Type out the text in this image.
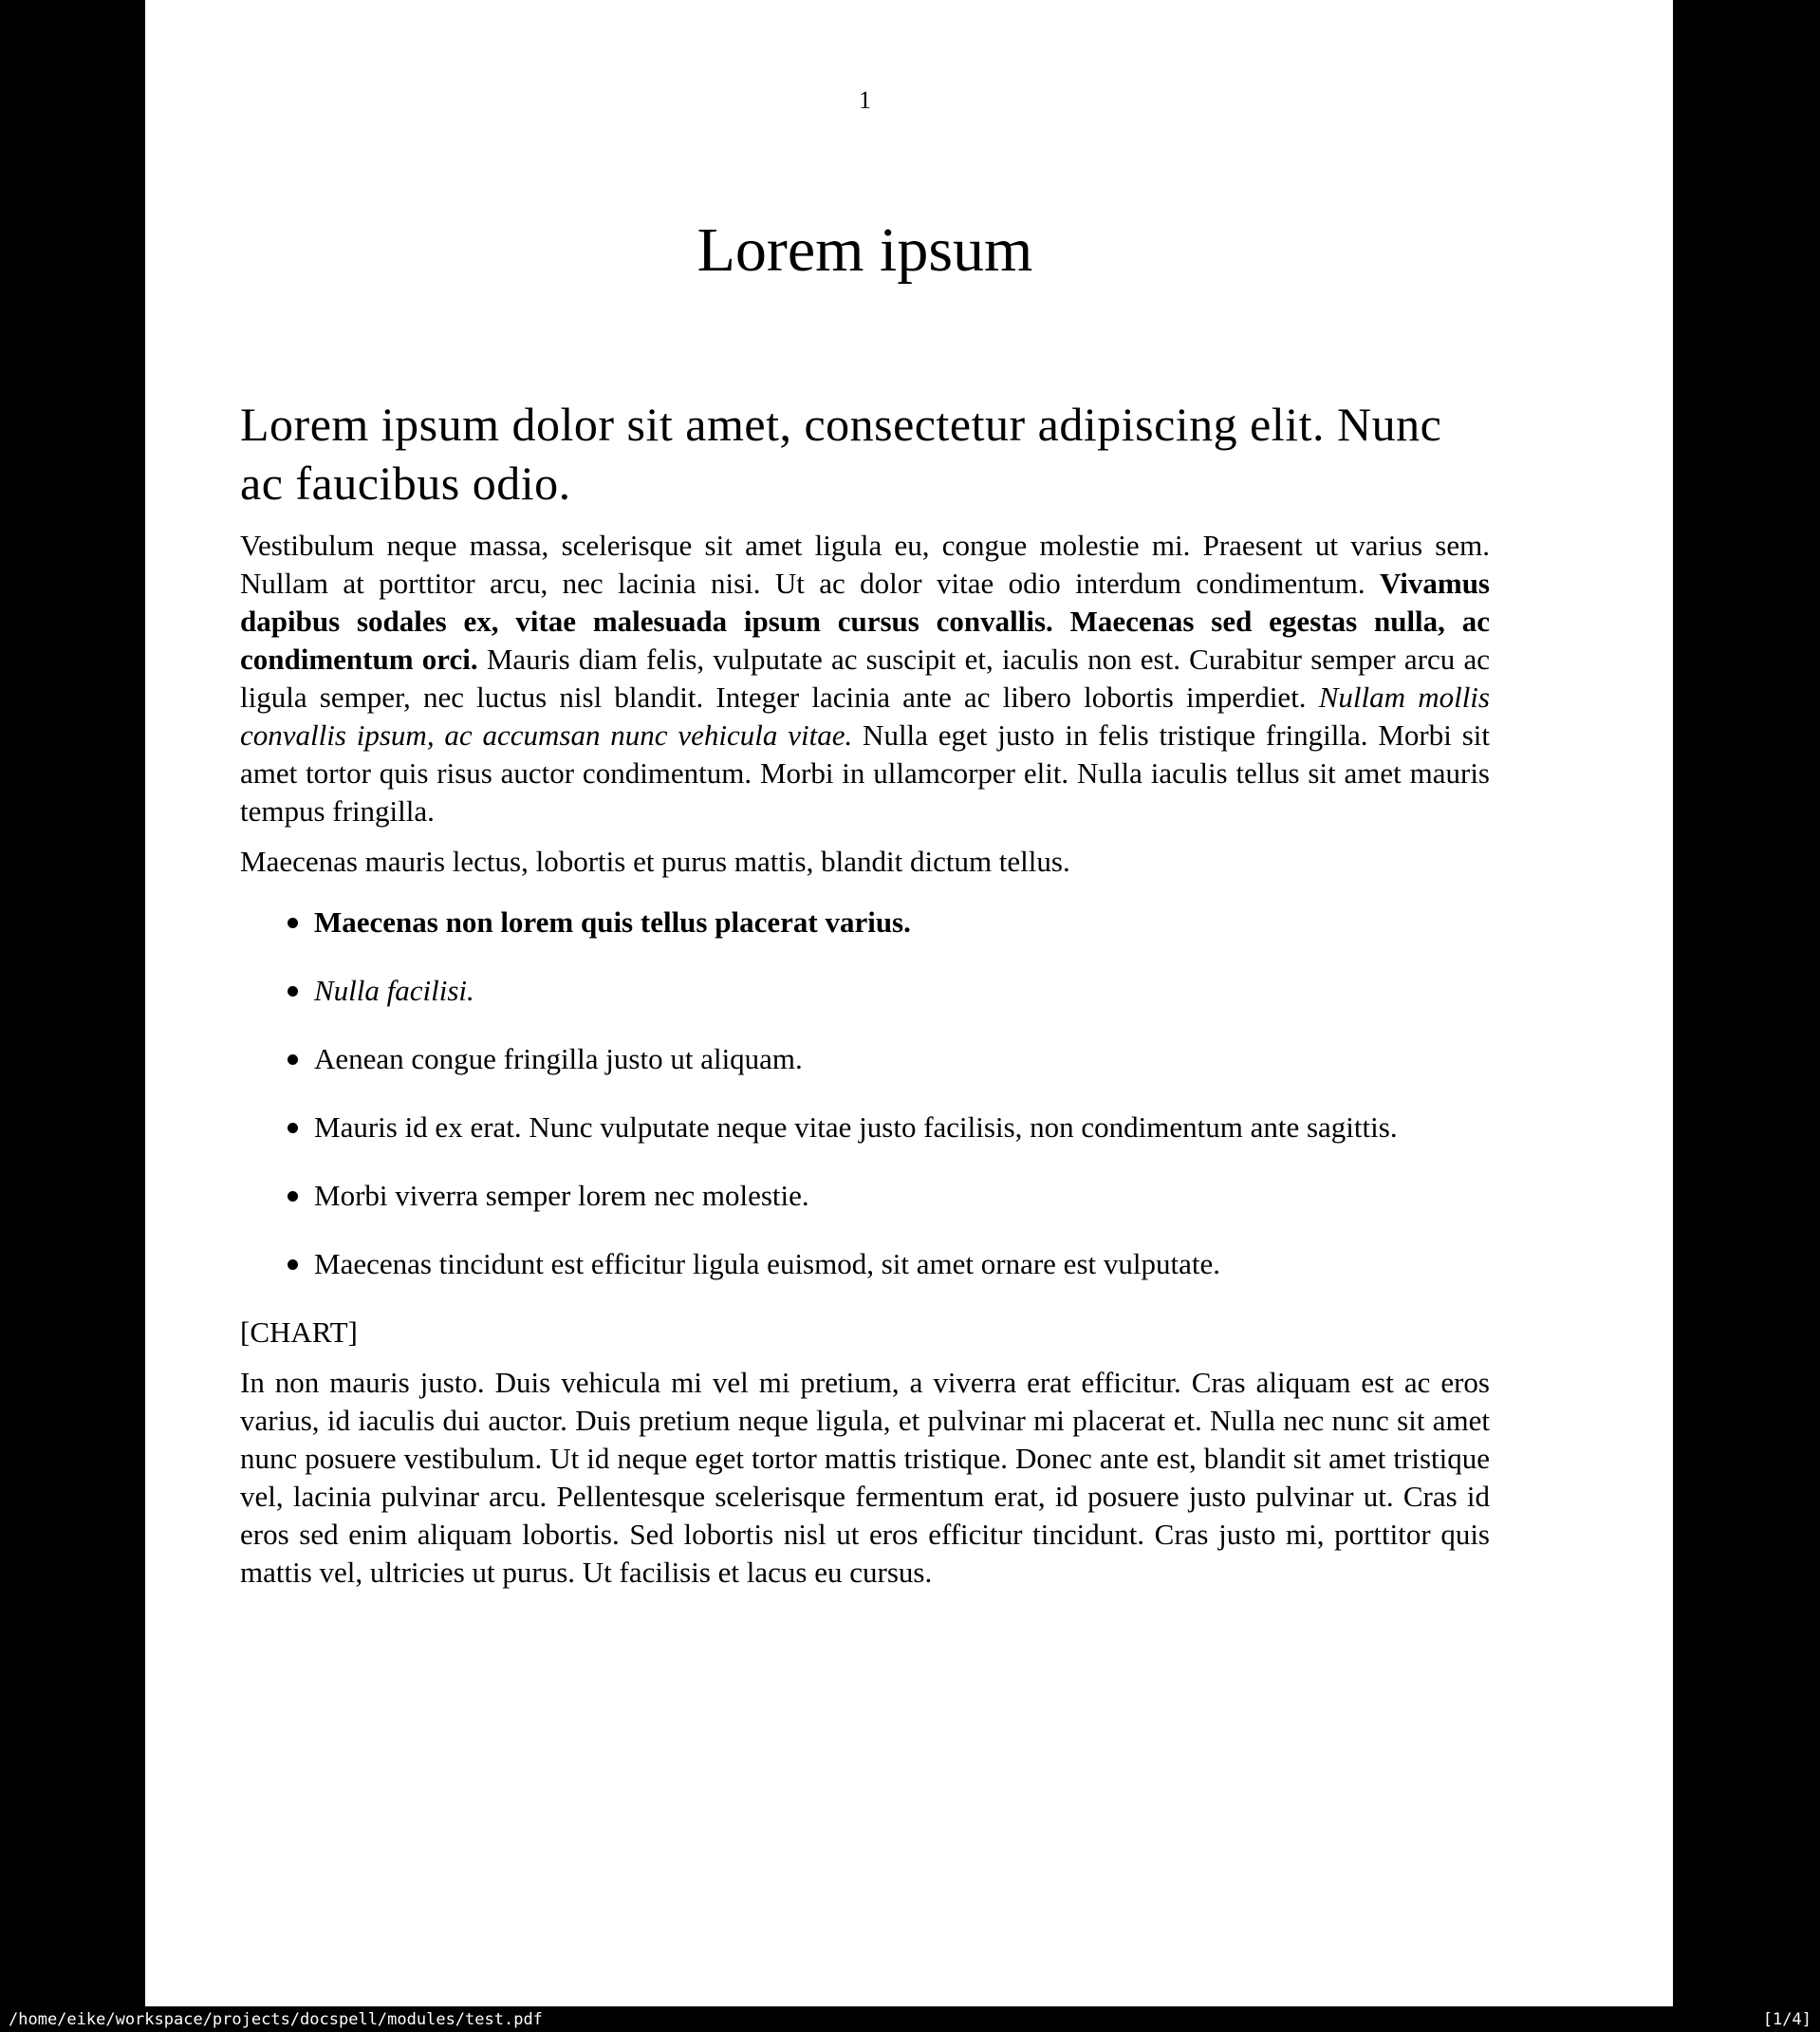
1
Lorem ipsum
Lorem ipsum dolor sit amet, consectetur adipiscing elit. Nunc ac faucibus odio.
Vestibulum neque massa, scelerisque sit amet ligula eu, congue molestie mi. Praesent ut varius sem. Nullam at porttitor arcu, nec lacinia nisi. Ut ac dolor vitae odio interdum condimentum. Vivamus dapibus sodales ex, vitae malesuada ipsum cursus convallis. Maecenas sed egestas nulla, ac condimentum orci. Mauris diam felis, vulputate ac suscipit et, iaculis non est. Curabitur semper arcu ac ligula semper, nec luctus nisl blandit. Integer lacinia ante ac libero lobortis imperdiet. Nullam mollis convallis ipsum, ac accumsan nunc vehicula vitae. Nulla eget justo in felis tristique fringilla. Morbi sit amet tortor quis risus auctor condimentum. Morbi in ullamcorper elit. Nulla iaculis tellus sit amet mauris tempus fringilla.
Maecenas mauris lectus, lobortis et purus mattis, blandit dictum tellus.
Maecenas non lorem quis tellus placerat varius.
Nulla facilisi.
Aenean congue fringilla justo ut aliquam.
Mauris id ex erat. Nunc vulputate neque vitae justo facilisis, non condimentum ante sagittis.
Morbi viverra semper lorem nec molestie.
Maecenas tincidunt est efficitur ligula euismod, sit amet ornare est vulputate.
[CHART]
In non mauris justo. Duis vehicula mi vel mi pretium, a viverra erat efficitur. Cras aliquam est ac eros varius, id iaculis dui auctor. Duis pretium neque ligula, et pulvinar mi placerat et. Nulla nec nunc sit amet nunc posuere vestibulum. Ut id neque eget tortor mattis tristique. Donec ante est, blandit sit amet tristique vel, lacinia pulvinar arcu. Pellentesque scelerisque fermentum erat, id posuere justo pulvinar ut. Cras id eros sed enim aliquam lobortis. Sed lobortis nisl ut eros efficitur tincidunt. Cras justo mi, porttitor quis mattis vel, ultricies ut purus. Ut facilisis et lacus eu cursus.
/home/eike/workspace/projects/docspell/modules/test.pdf	[1/4]
